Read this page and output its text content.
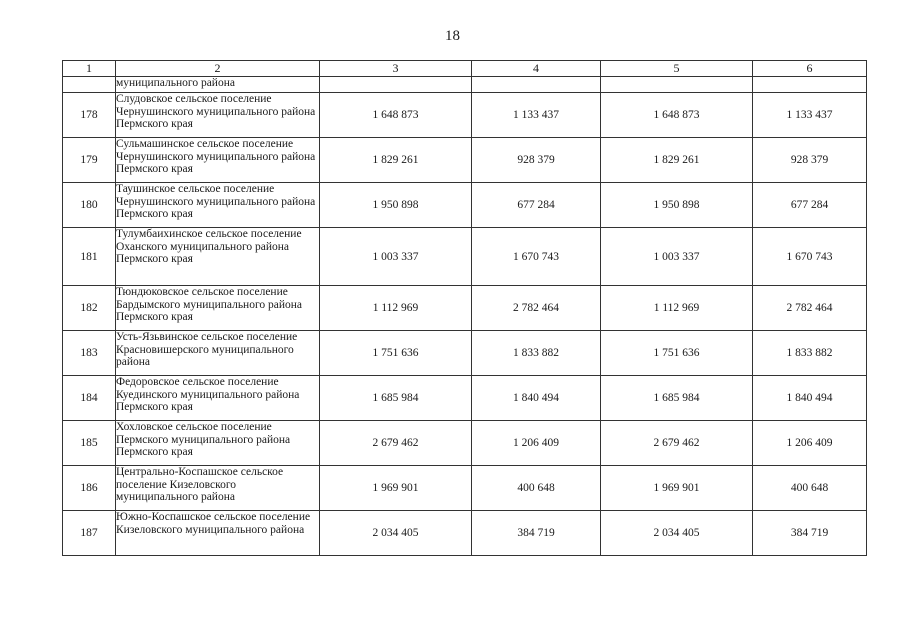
18
1	2	3	4	5	6
	муниципального района				
178	Слудовское сельское поселение Чернушинского муниципального района Пермского края	1 648 873	1 133 437	1 648 873	1 133 437
179	Сульмашинское сельское поселение Чернушинского муниципального района Пермского края	1 829 261	928 379	1 829 261	928 379
180	Таушинское сельское поселение Чернушинского муниципального района Пермского края	1 950 898	677 284	1 950 898	677 284
181	Тулумбаихинское сельское поселение Оханского муниципального района Пермского края	1 003 337	1 670 743	1 003 337	1 670 743
182	Тюндюковское сельское поселение Бардымского муниципального района Пермского края	1 112 969	2 782 464	1 112 969	2 782 464
183	Усть-Язьвинское сельское поселение Красновишерского муниципального района	1 751 636	1 833 882	1 751 636	1 833 882
184	Федоровское сельское поселение Куединского муниципального района Пермского края	1 685 984	1 840 494	1 685 984	1 840 494
185	Хохловское сельское поселение Пермского муниципального района Пермского края	2 679 462	1 206 409	2 679 462	1 206 409
186	Центрально-Коспашское сельское поселение Кизеловского муниципального района	1 969 901	400 648	1 969 901	400 648
187	Южно-Коспашское сельское поселение Кизеловского муниципального района	2 034 405	384 719	2 034 405	384 719
